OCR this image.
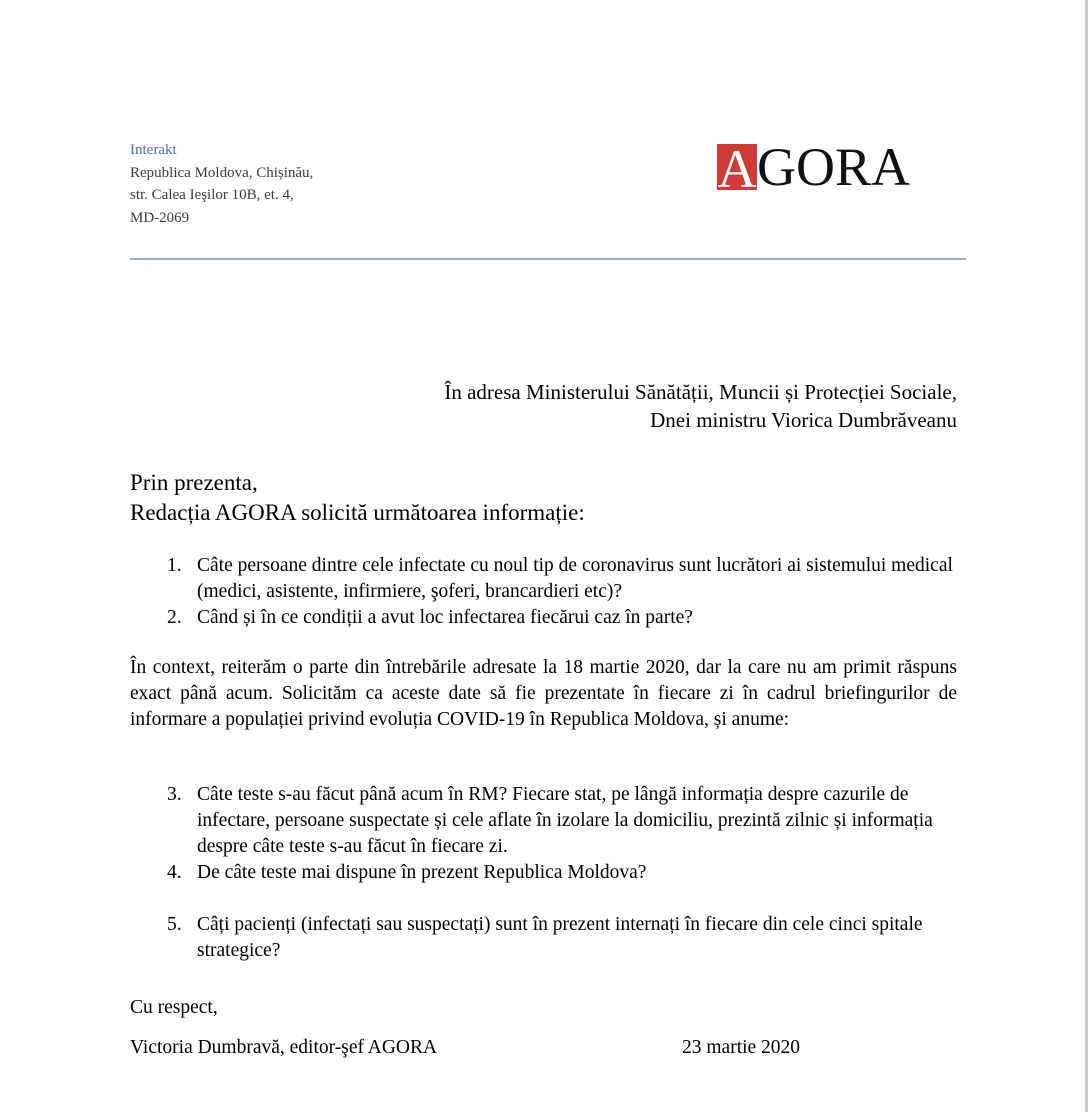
Interakt
Republica Moldova, Chișinău,
str. Calea Ieşilor 10B, et. 4,
MD-2069
A GORA
În adresa Ministerului Sănătății, Muncii și Protecției Sociale,
Dnei ministru Viorica Dumbrăveanu
Prin prezenta,
Redacția AGORA solicită următoarea informație:
1. Câte persoane dintre cele infectate cu noul tip de coronavirus sunt lucrători ai sistemului medical (medici, asistente, infirmiere, şoferi, brancardieri etc)?
2. Când și în ce condiții a avut loc infectarea fiecărui caz în parte?
În context, reiterăm o parte din întrebările adresate la 18 martie 2020, dar la care nu am primit răspuns exact până acum. Solicităm ca aceste date să fie prezentate în fiecare zi în cadrul briefingurilor de informare a populației privind evoluția COVID-19 în Republica Moldova, și anume:
3. Câte teste s-au făcut până acum în RM? Fiecare stat, pe lângă informația despre cazurile de infectare, persoane suspectate și cele aflate în izolare la domiciliu, prezintă zilnic și informația despre câte teste s-au făcut în fiecare zi.
4. De câte teste mai dispune în prezent Republica Moldova?
5. Câți pacienți (infectați sau suspectați) sunt în prezent internați în fiecare din cele cinci spitale strategice?
Cu respect,
Victoria Dumbravă, editor-şef AGORA	23 martie 2020
